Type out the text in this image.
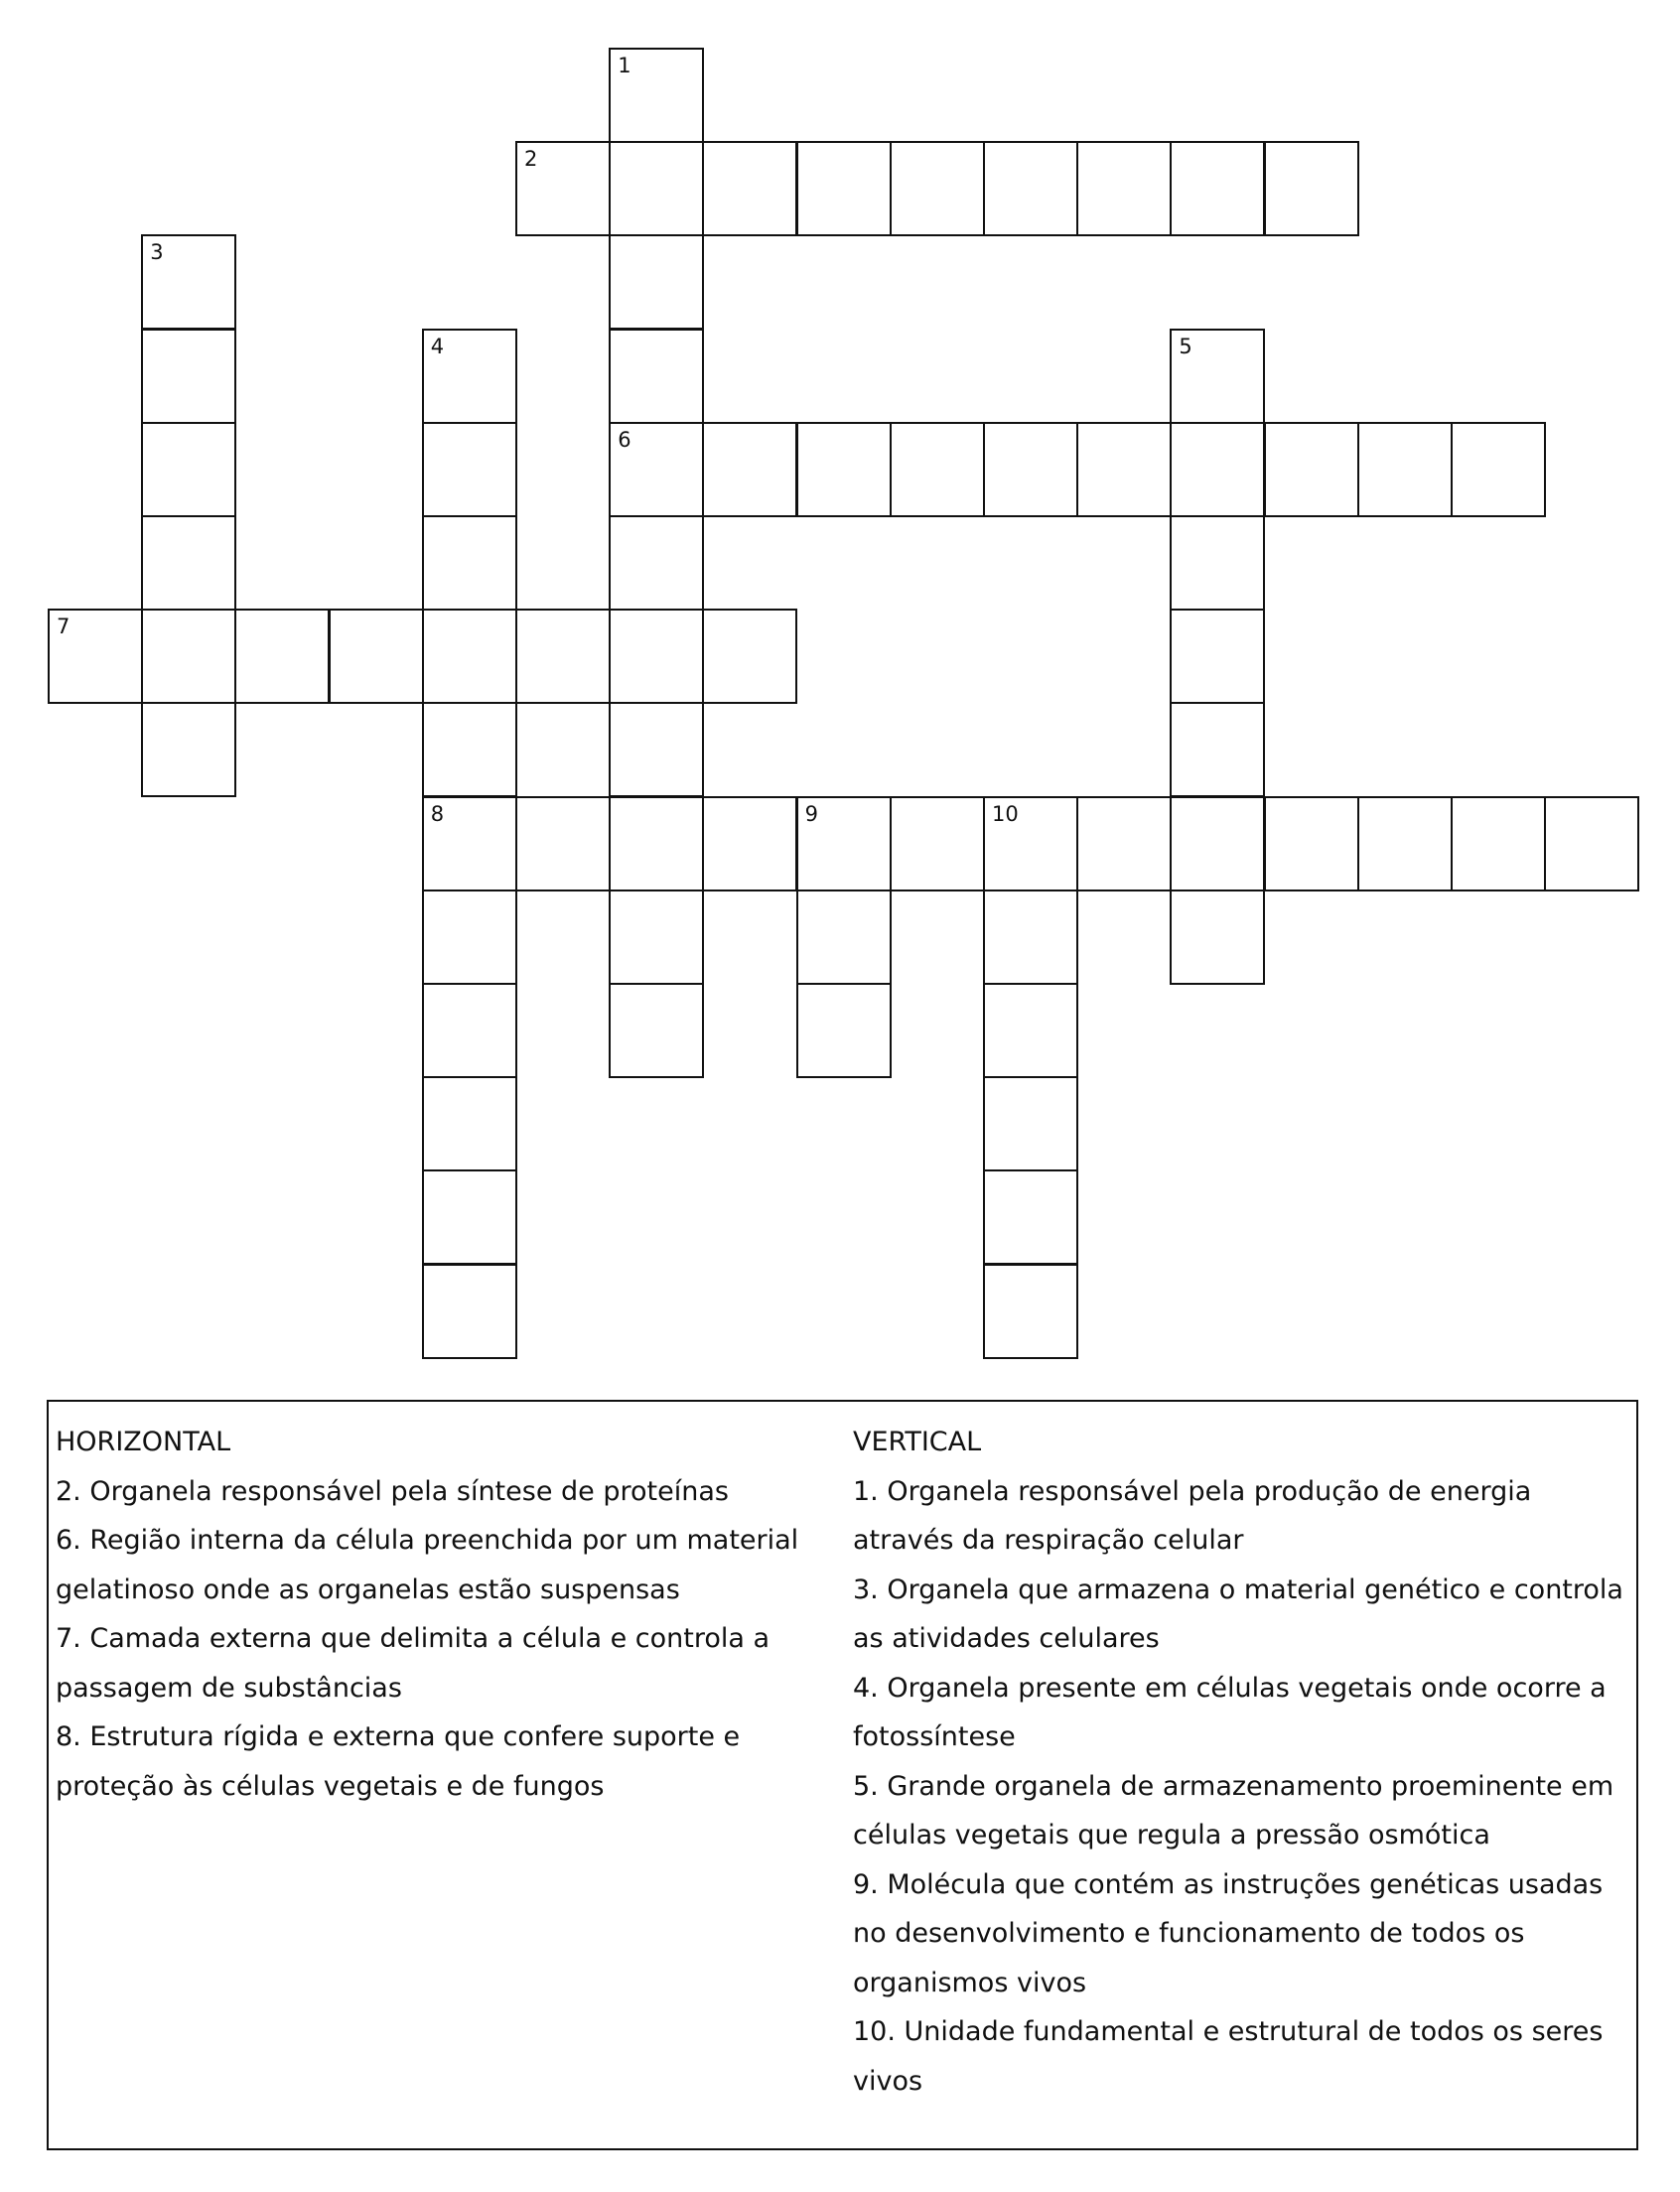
1
6
2
3
4
8
5
7
9	10

HORIZONTAL

2. Organela responsável pela síntese de proteínas

6. Região interna da célula preenchida por um material gelatinoso onde as organelas estão suspensas

7. Camada externa que delimita a célula e controla a passagem de substâncias

8. Estrutura rígida e externa que confere suporte e proteção às células vegetais e de fungos

VERTICAL

1. Organela responsável pela produção de energia através da respiração celular

3. Organela que armazena o material genético e controla as atividades celulares

4. Organela presente em células vegetais onde ocorre a fotossíntese

5. Grande organela de armazenamento proeminente em células vegetais que regula a pressão osmótica

9. Molécula que contém as instruções genéticas usadas no desenvolvimento e funcionamento de todos os organismos vivos

10. Unidade fundamental e estrutural de todos os seres vivos
